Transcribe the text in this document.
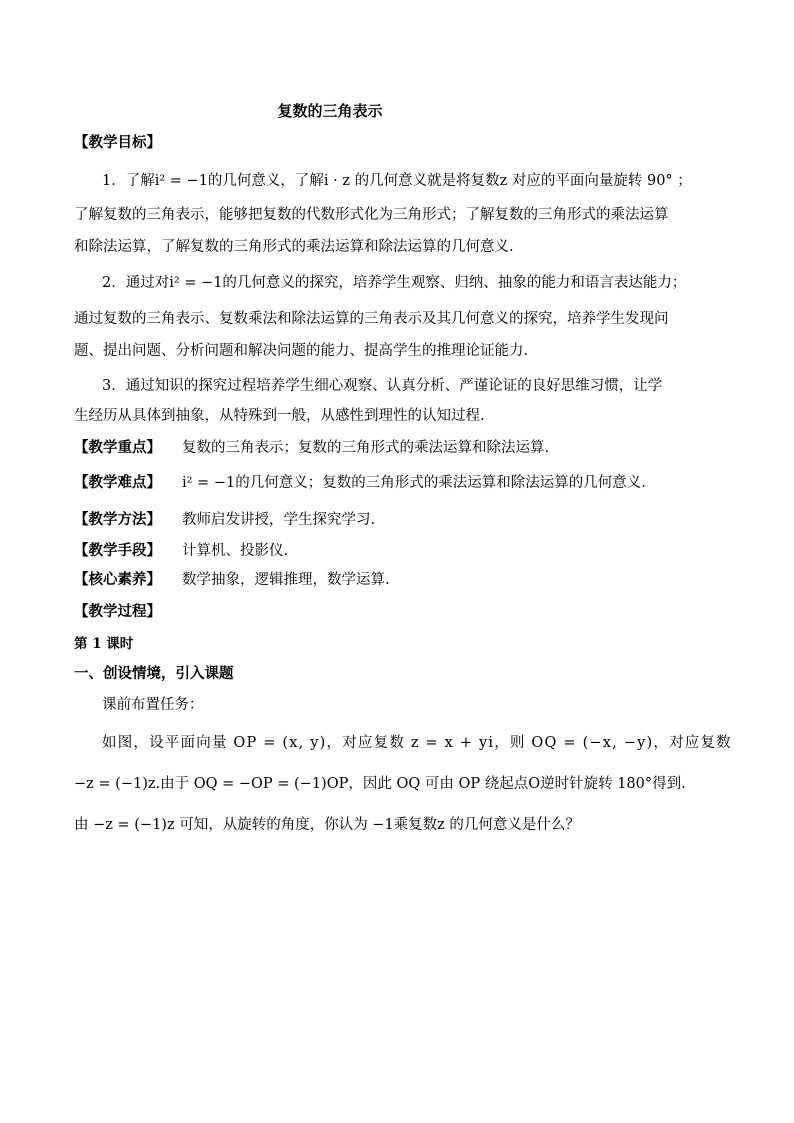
复数的三角表示
【教学目标】
1．了解i² = −1的几何意义，了解i · z 的几何意义就是将复数z 对应的平面向量旋转 90° ；
了解复数的三角表示，能够把复数的代数形式化为三角形式；了解复数的三角形式的乘法运算
和除法运算，了解复数的三角形式的乘法运算和除法运算的几何意义.
2．通过对i² = −1的几何意义的探究，培养学生观察、归纳、抽象的能力和语言表达能力；
通过复数的三角表示、复数乘法和除法运算的三角表示及其几何意义的探究，培养学生发现问
题、提出问题、分析问题和解决问题的能力、提高学生的推理论证能力.
3．通过知识的探究过程培养学生细心观察、认真分析、严谨论证的良好思维习惯，让学
生经历从具体到抽象，从特殊到一般，从感性到理性的认知过程.
【教学重点】 复数的三角表示；复数的三角形式的乘法运算和除法运算.
【教学难点】 i² = −1的几何意义；复数的三角形式的乘法运算和除法运算的几何意义.
【教学方法】 教师启发讲授，学生探究学习.
【教学手段】 计算机、投影仪.
【核心素养】 数学抽象，逻辑推理，数学运算.
【教学过程】
第 1 课时
一、创设情境，引入课题
课前布置任务：
如图，设平面向量 OP = (x, y)，对应复数 z = x + yi，则 OQ = (−x, −y)，对应复数
−z = (−1)z.由于 OQ = −OP = (−1)OP，因此 OQ 可由 OP 绕起点O逆时针旋转 180°得到.
由 −z = (−1)z 可知，从旋转的角度，你认为 −1乘复数z 的几何意义是什么？
